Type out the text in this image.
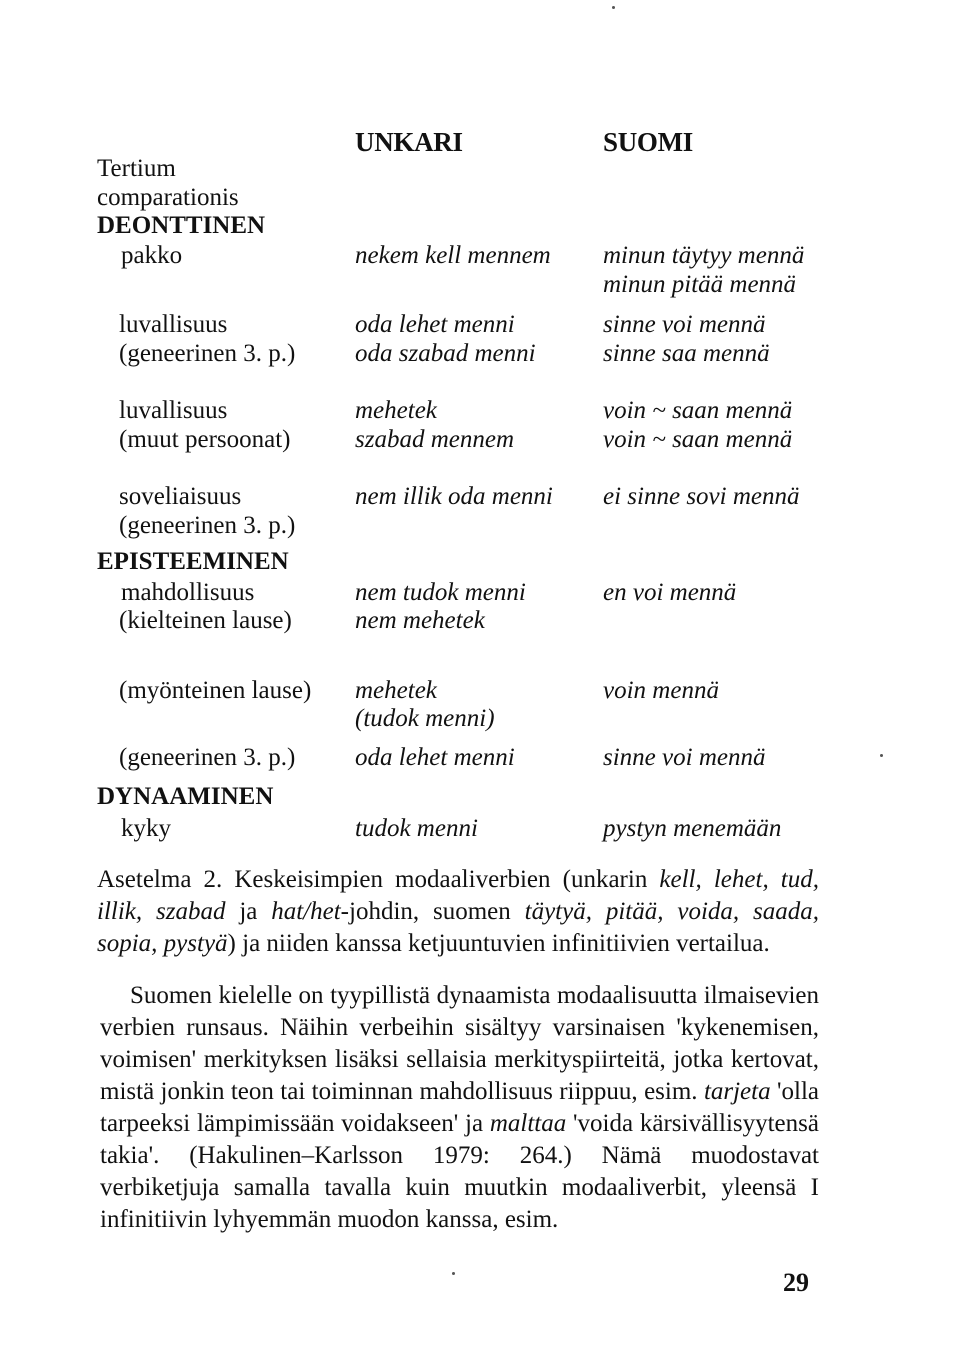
UNKARI	SUOMI
Tertium
comparationis
DEONTTINEN
pakko
luvallisuus
(geneerinen 3. p.)
luvallisuus
(muut persoonat)
soveliaisuus
(geneerinen 3. p.)
EPISTEEMINEN
mahdollisuus
(kielteinen lause)
(myönteinen lause)
(geneerinen 3. p.)
DYNAAMINEN
kyky
nekem kell mennem
oda lehet menni
oda szabad menni
mehetek
szabad mennem
nem illik oda menni
nem tudok menni
nem mehetek
mehetek
(tudok menni)
oda lehet menni
tudok menni
minun täytyy mennä
minun pitää mennä
sinne voi mennä
sinne saa mennä
voin ~ saan mennä
voin ~ saan mennä
ei sinne sovi mennä
en voi mennä
voin mennä
sinne voi mennä
pystyn menemään
Asetelma 2. Keskeisimpien modaaliverbien (unkarin kell, lehet, tud, illik, szabad ja hat/het-johdin, suomen täytyä, pitää, voida, saada, sopia, pystyä) ja niiden kanssa ketjuuntuvien infinitiivien vertailua.
Suomen kielelle on tyypillistä dynaamista modaalisuutta ilmaisevien verbien runsaus. Näihin verbeihin sisältyy varsinaisen 'kykenemisen, voimisen' merkityksen lisäksi sellaisia merkityspiirteitä, jotka kertovat, mistä jonkin teon tai toiminnan mahdollisuus riippuu, esim. tarjeta 'olla tarpeeksi lämpimissään voidakseen' ja malttaa 'voida kärsivällisyytensä takia'. (Hakulinen–Karlsson 1979: 264.) Nämä muodostavat verbiketjuja samalla tavalla kuin muutkin modaaliverbit, yleensä I infinitiivin lyhyemmän muodon kanssa, esim.
29
